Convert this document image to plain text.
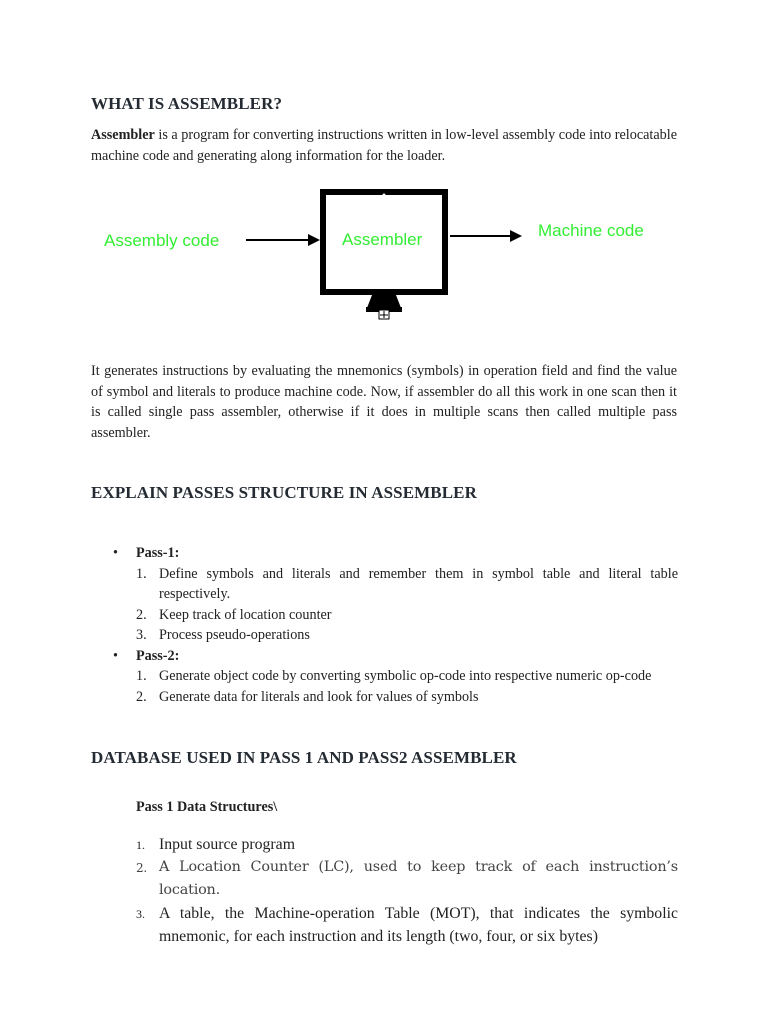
WHAT IS ASSEMBLER?

Assembler is a program for converting instructions written in low-level assembly code into relocatable machine code and generating along information for the loader.

Assembly code	Assembler	Machine code

It generates instructions by evaluating the mnemonics (symbols) in operation field and find the value of symbol and literals to produce machine code. Now, if assembler do all this work in one scan then it is called single pass assembler, otherwise if it does in multiple scans then called multiple pass assembler.

EXPLAIN PASSES STRUCTURE IN ASSEMBLER
• Pass-1:
1. Define symbols and literals and remember them in symbol table and literal table respectively.
2. Keep track of location counter
3. Process pseudo-operations
• Pass-2:
1. Generate object code by converting symbolic op-code into respective numeric op-code
2. Generate data for literals and look for values of symbols
DATABASE USED IN PASS 1 AND PASS2 ASSEMBLER
Pass 1 Data Structures\
1. Input source program
2. A Location Counter (LC), used to keep track of each instruction’s location.
3. A table, the Machine-operation Table (MOT), that indicates the symbolic mnemonic, for each instruction and its length (two, four, or six bytes)
